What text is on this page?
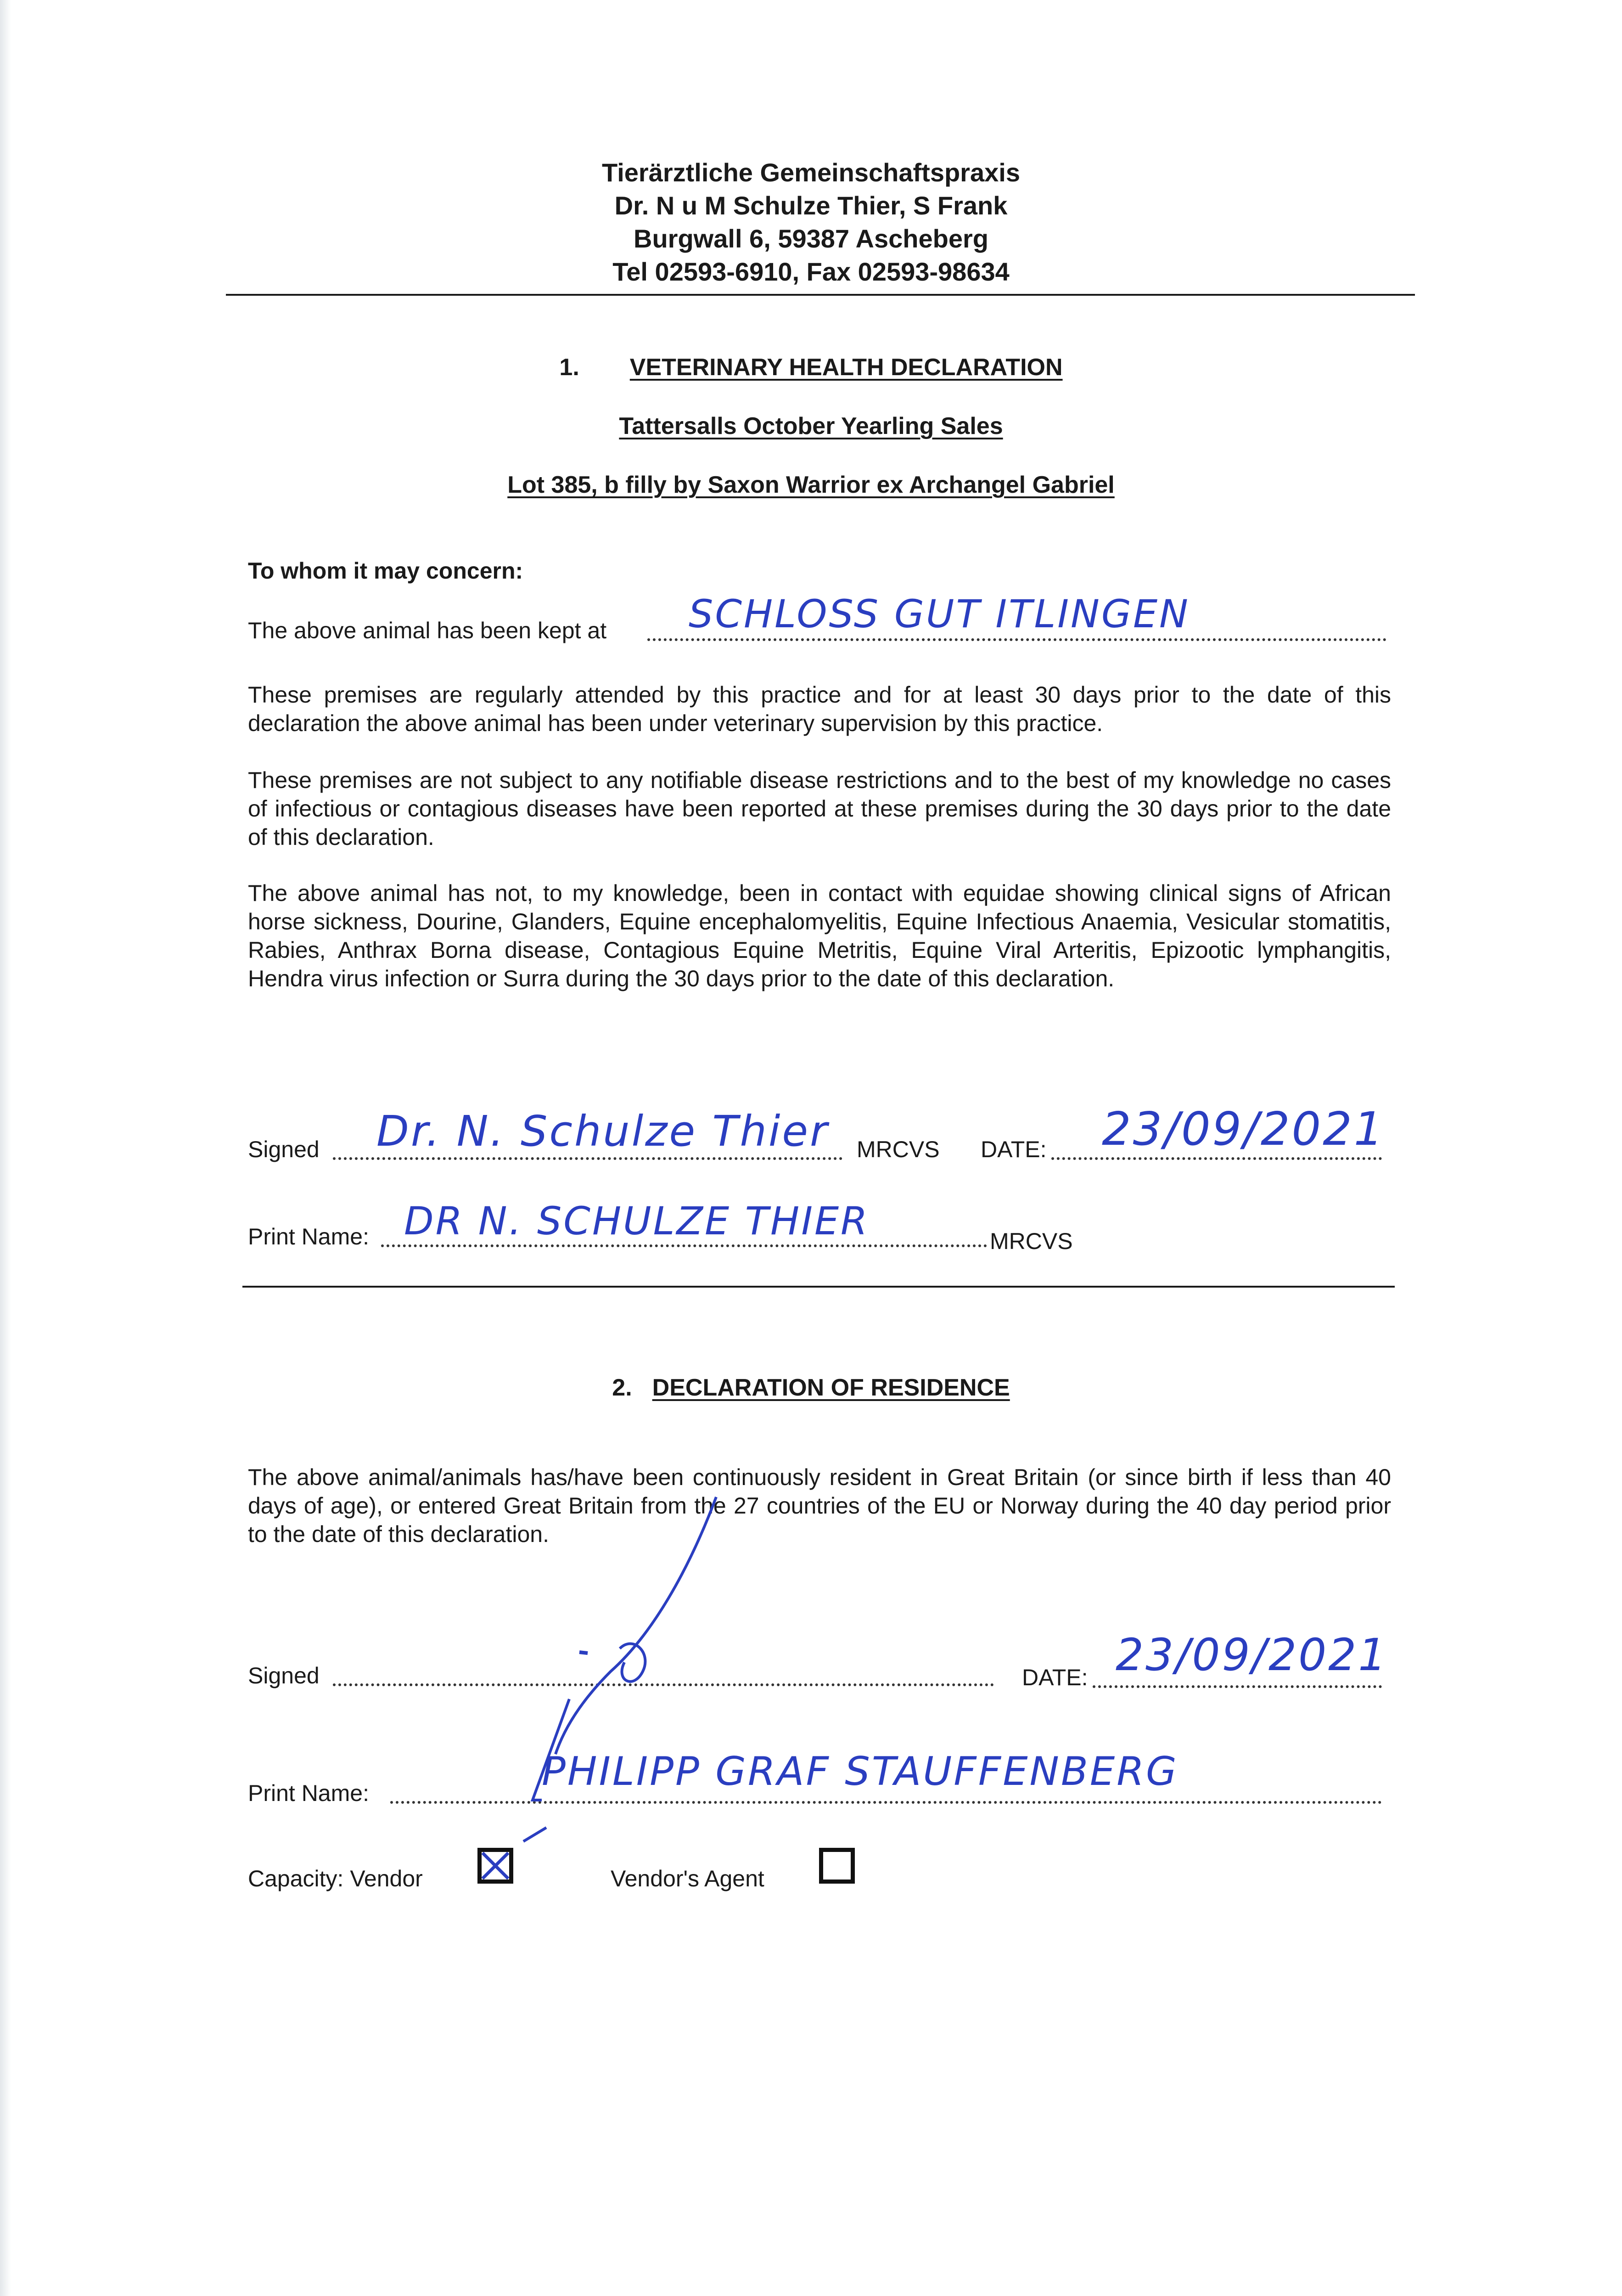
Tierärztliche Gemeinschaftspraxis
Dr. N u M Schulze Thier, S Frank
Burgwall 6, 59387 Ascheberg
Tel 02593-6910, Fax 02593-98634
1. VETERINARY HEALTH DECLARATION
Tattersalls October Yearling Sales
Lot 385, b filly by Saxon Warrior ex Archangel Gabriel
To whom it may concern:
The above animal has been kept at SCHLOSS GUT ITLINGEN
These premises are regularly attended by this practice and for at least 30 days prior to the date of this declaration the above animal has been under veterinary supervision by this practice.
These premises are not subject to any notifiable disease restrictions and to the best of my knowledge no cases of infectious or contagious diseases have been reported at these premises during the 30 days prior to the date of this declaration.
The above animal has not, to my knowledge, been in contact with equidae showing clinical signs of African horse sickness, Dourine, Glanders, Equine encephalomyelitis, Equine Infectious Anaemia, Vesicular stomatitis, Rabies, Anthrax Borna disease, Contagious Equine Metritis, Equine Viral Arteritis, Epizootic lymphangitis, Hendra virus infection or Surra during the 30 days prior to the date of this declaration.
Signed Dr. N. Schulze Thier MRCVS DATE: 23/09/2021
Print Name: DR N. SCHULZE THIER	MRCVS
2. DECLARATION OF RESIDENCE
The above animal/animals has/have been continuously resident in Great Britain (or since birth if less than 40 days of age), or entered Great Britain from the 27 countries of the EU or Norway during the 40 day period prior to the date of this declaration.
Signed	DATE: 23/09/2021
Print Name:	PHILIPP GRAF STAUFFENBERG
Capacity: Vendor	Vendor's Agent
